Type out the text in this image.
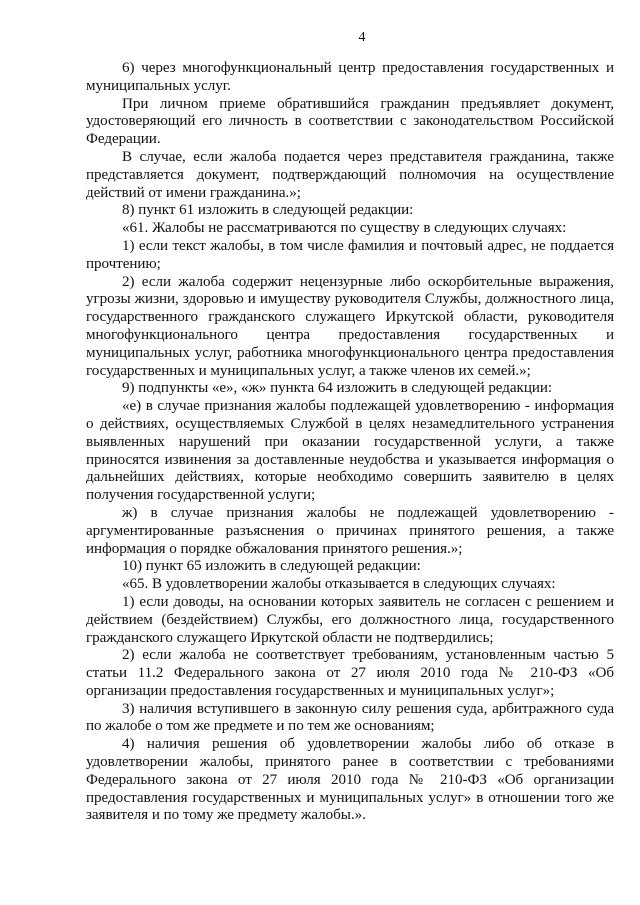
4

6) через многофункциональный центр предоставления государственных и муниципальных услуг.

При личном приеме обратившийся гражданин предъявляет документ, удостоверяющий его личность в соответствии с законодательством Российской Федерации.

В случае, если жалоба подается через представителя гражданина, также представляется документ, подтверждающий полномочия на осуществление действий от имени гражданина.»;

8) пункт 61 изложить в следующей редакции:

«61. Жалобы не рассматриваются по существу в следующих случаях:

1) если текст жалобы, в том числе фамилия и почтовый адрес, не поддается прочтению;

2) если жалоба содержит нецензурные либо оскорбительные выражения, угрозы жизни, здоровью и имуществу руководителя Службы, должностного лица, государственного гражданского служащего Иркутской области, руководителя многофункционального центра предоставления государственных и муниципальных услуг, работника многофункционального центра предоставления государственных и муниципальных услуг, а также членов их семей.»;

9) подпункты «е», «ж» пункта 64 изложить в следующей редакции:

«е) в случае признания жалобы подлежащей удовлетворению - информация о действиях, осуществляемых Службой в целях незамедлительного устранения выявленных нарушений при оказании государственной услуги, а также приносятся извинения за доставленные неудобства и указывается информация о дальнейших действиях, которые необходимо совершить заявителю в целях получения государственной услуги;

ж) в случае признания жалобы не подлежащей удовлетворению - аргументированные разъяснения о причинах принятого решения, а также информация о порядке обжалования принятого решения.»;

10) пункт 65 изложить в следующей редакции:

«65. В удовлетворении жалобы отказывается в следующих случаях:

1) если доводы, на основании которых заявитель не согласен с решением и действием (бездействием) Службы, его должностного лица, государственного гражданского служащего Иркутской области не подтвердились;

2) если жалоба не соответствует требованиям, установленным частью 5 статьи 11.2 Федерального закона от 27 июля 2010 года № 210-ФЗ «Об организации предоставления государственных и муниципальных услуг»;

3) наличия вступившего в законную силу решения суда, арбитражного суда по жалобе о том же предмете и по тем же основаниям;

4) наличия решения об удовлетворении жалобы либо об отказе в удовлетворении жалобы, принятого ранее в соответствии с требованиями Федерального закона от 27 июля 2010 года № 210-ФЗ «Об организации предоставления государственных и муниципальных услуг» в отношении того же заявителя и по тому же предмету жалобы.».
